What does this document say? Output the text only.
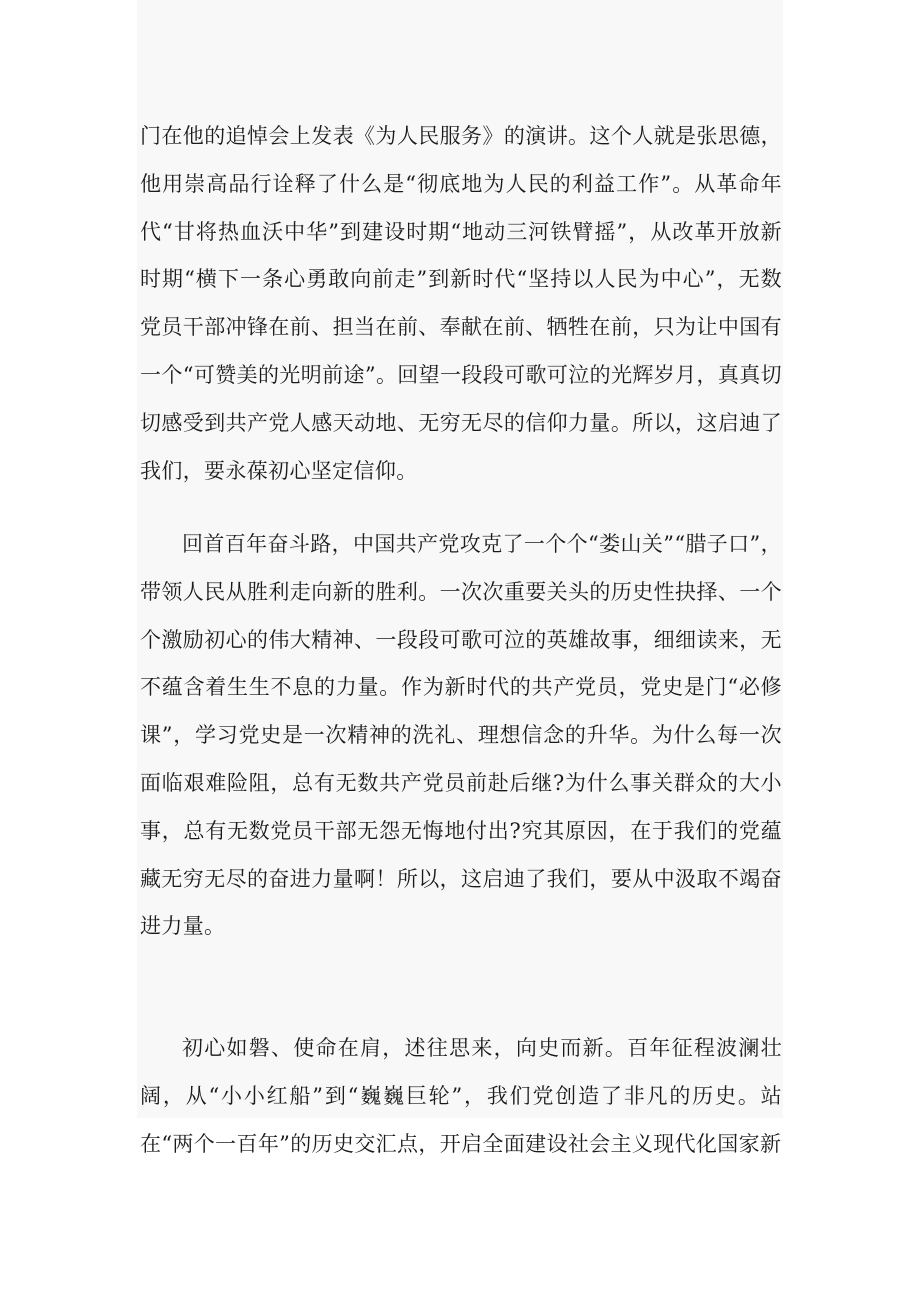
门在他的追悼会上发表《为人民服务》的演讲。这个人就是张思德，他用崇高品行诠释了什么是“彻底地为人民的利益工作”。从革命年代“甘将热血沃中华”到建设时期“地动三河铁臂摇”，从改革开放新时期“横下一条心勇敢向前走”到新时代“坚持以人民为中心”，无数党员干部冲锋在前、担当在前、奉献在前、牺牲在前，只为让中国有一个“可赞美的光明前途”。回望一段段可歌可泣的光辉岁月，真真切切感受到共产党人感天动地、无穷无尽的信仰力量。所以，这启迪了我们，要永葆初心坚定信仰。

回首百年奋斗路，中国共产党攻克了一个个“娄山关”“腊子口”，带领人民从胜利走向新的胜利。一次次重要关头的历史性抉择、一个个激励初心的伟大精神、一段段可歌可泣的英雄故事，细细读来，无不蕴含着生生不息的力量。作为新时代的共产党员，党史是门“必修课”，学习党史是一次精神的洗礼、理想信念的升华。为什么每一次面临艰难险阻，总有无数共产党员前赴后继?为什么事关群众的大小事，总有无数党员干部无怨无悔地付出?究其原因，在于我们的党蕴藏无穷无尽的奋进力量啊！所以，这启迪了我们，要从中汲取不竭奋进力量。

初心如磐、使命在肩，述往思来，向史而新。百年征程波澜壮阔，从“小小红船”到“巍巍巨轮”，我们党创造了非凡的历史。站在“两个一百年”的历史交汇点，开启全面建设社会主义现代化国家新
